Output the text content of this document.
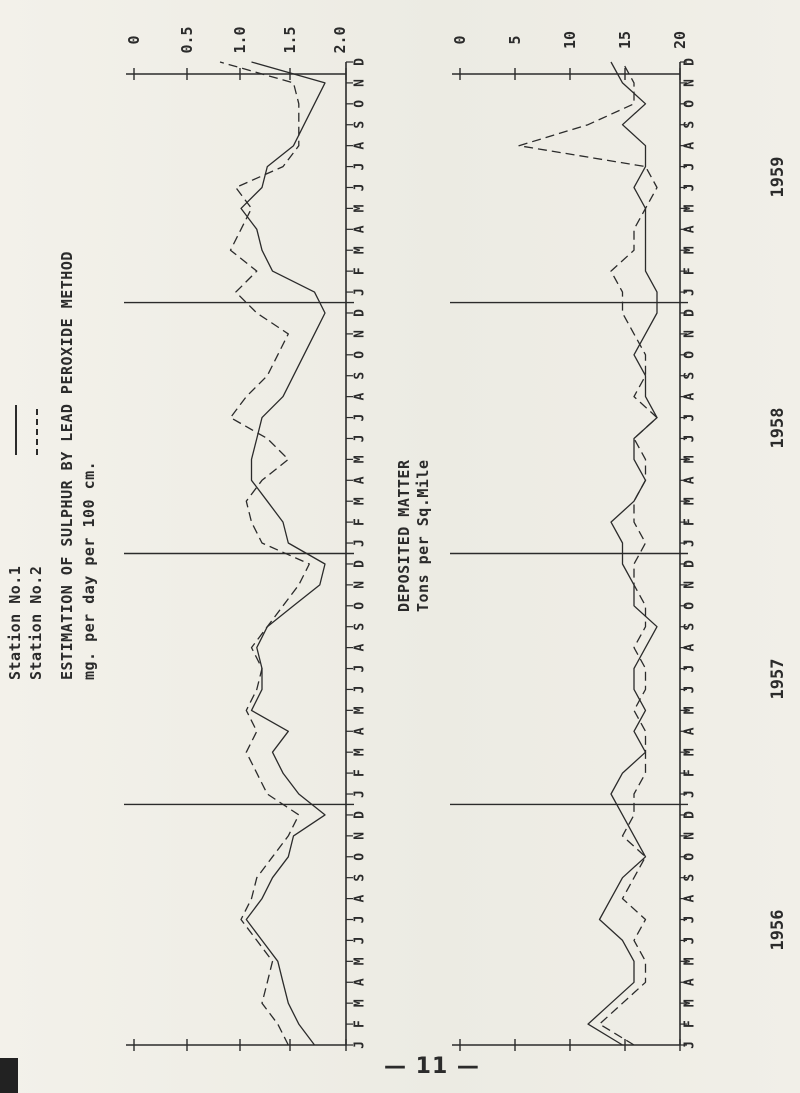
2.0
1.5
1.0
0.5
0
J
F
M
A
M
J
J
A
S
O
N
D
J
F
M
A
M
J
J
A
S
O
N
D
J
F
M
A
M
J
J
A
S
O
N
D
J
F
M
A
M
J
J
A
S
O
N
D
20
15
10
5
0
J
F
M
A
M
J
J
A
S
O
N
D
J
F
M
A
M
J
J
A
S
O
N
D
J
F
M
A
M
J
J
A
S
O
N
D
J
F
M
A
M
J
J
A
S
O
N
D
1956
1957
1958
1959
Station No.1 Station No.2 ESTIMATION OF SULPHUR BY LEAD PEROXIDE METHOD mg. per day per 100 cm.	DEPOSITED MATTER Tons per Sq.Mile
— 11 —
